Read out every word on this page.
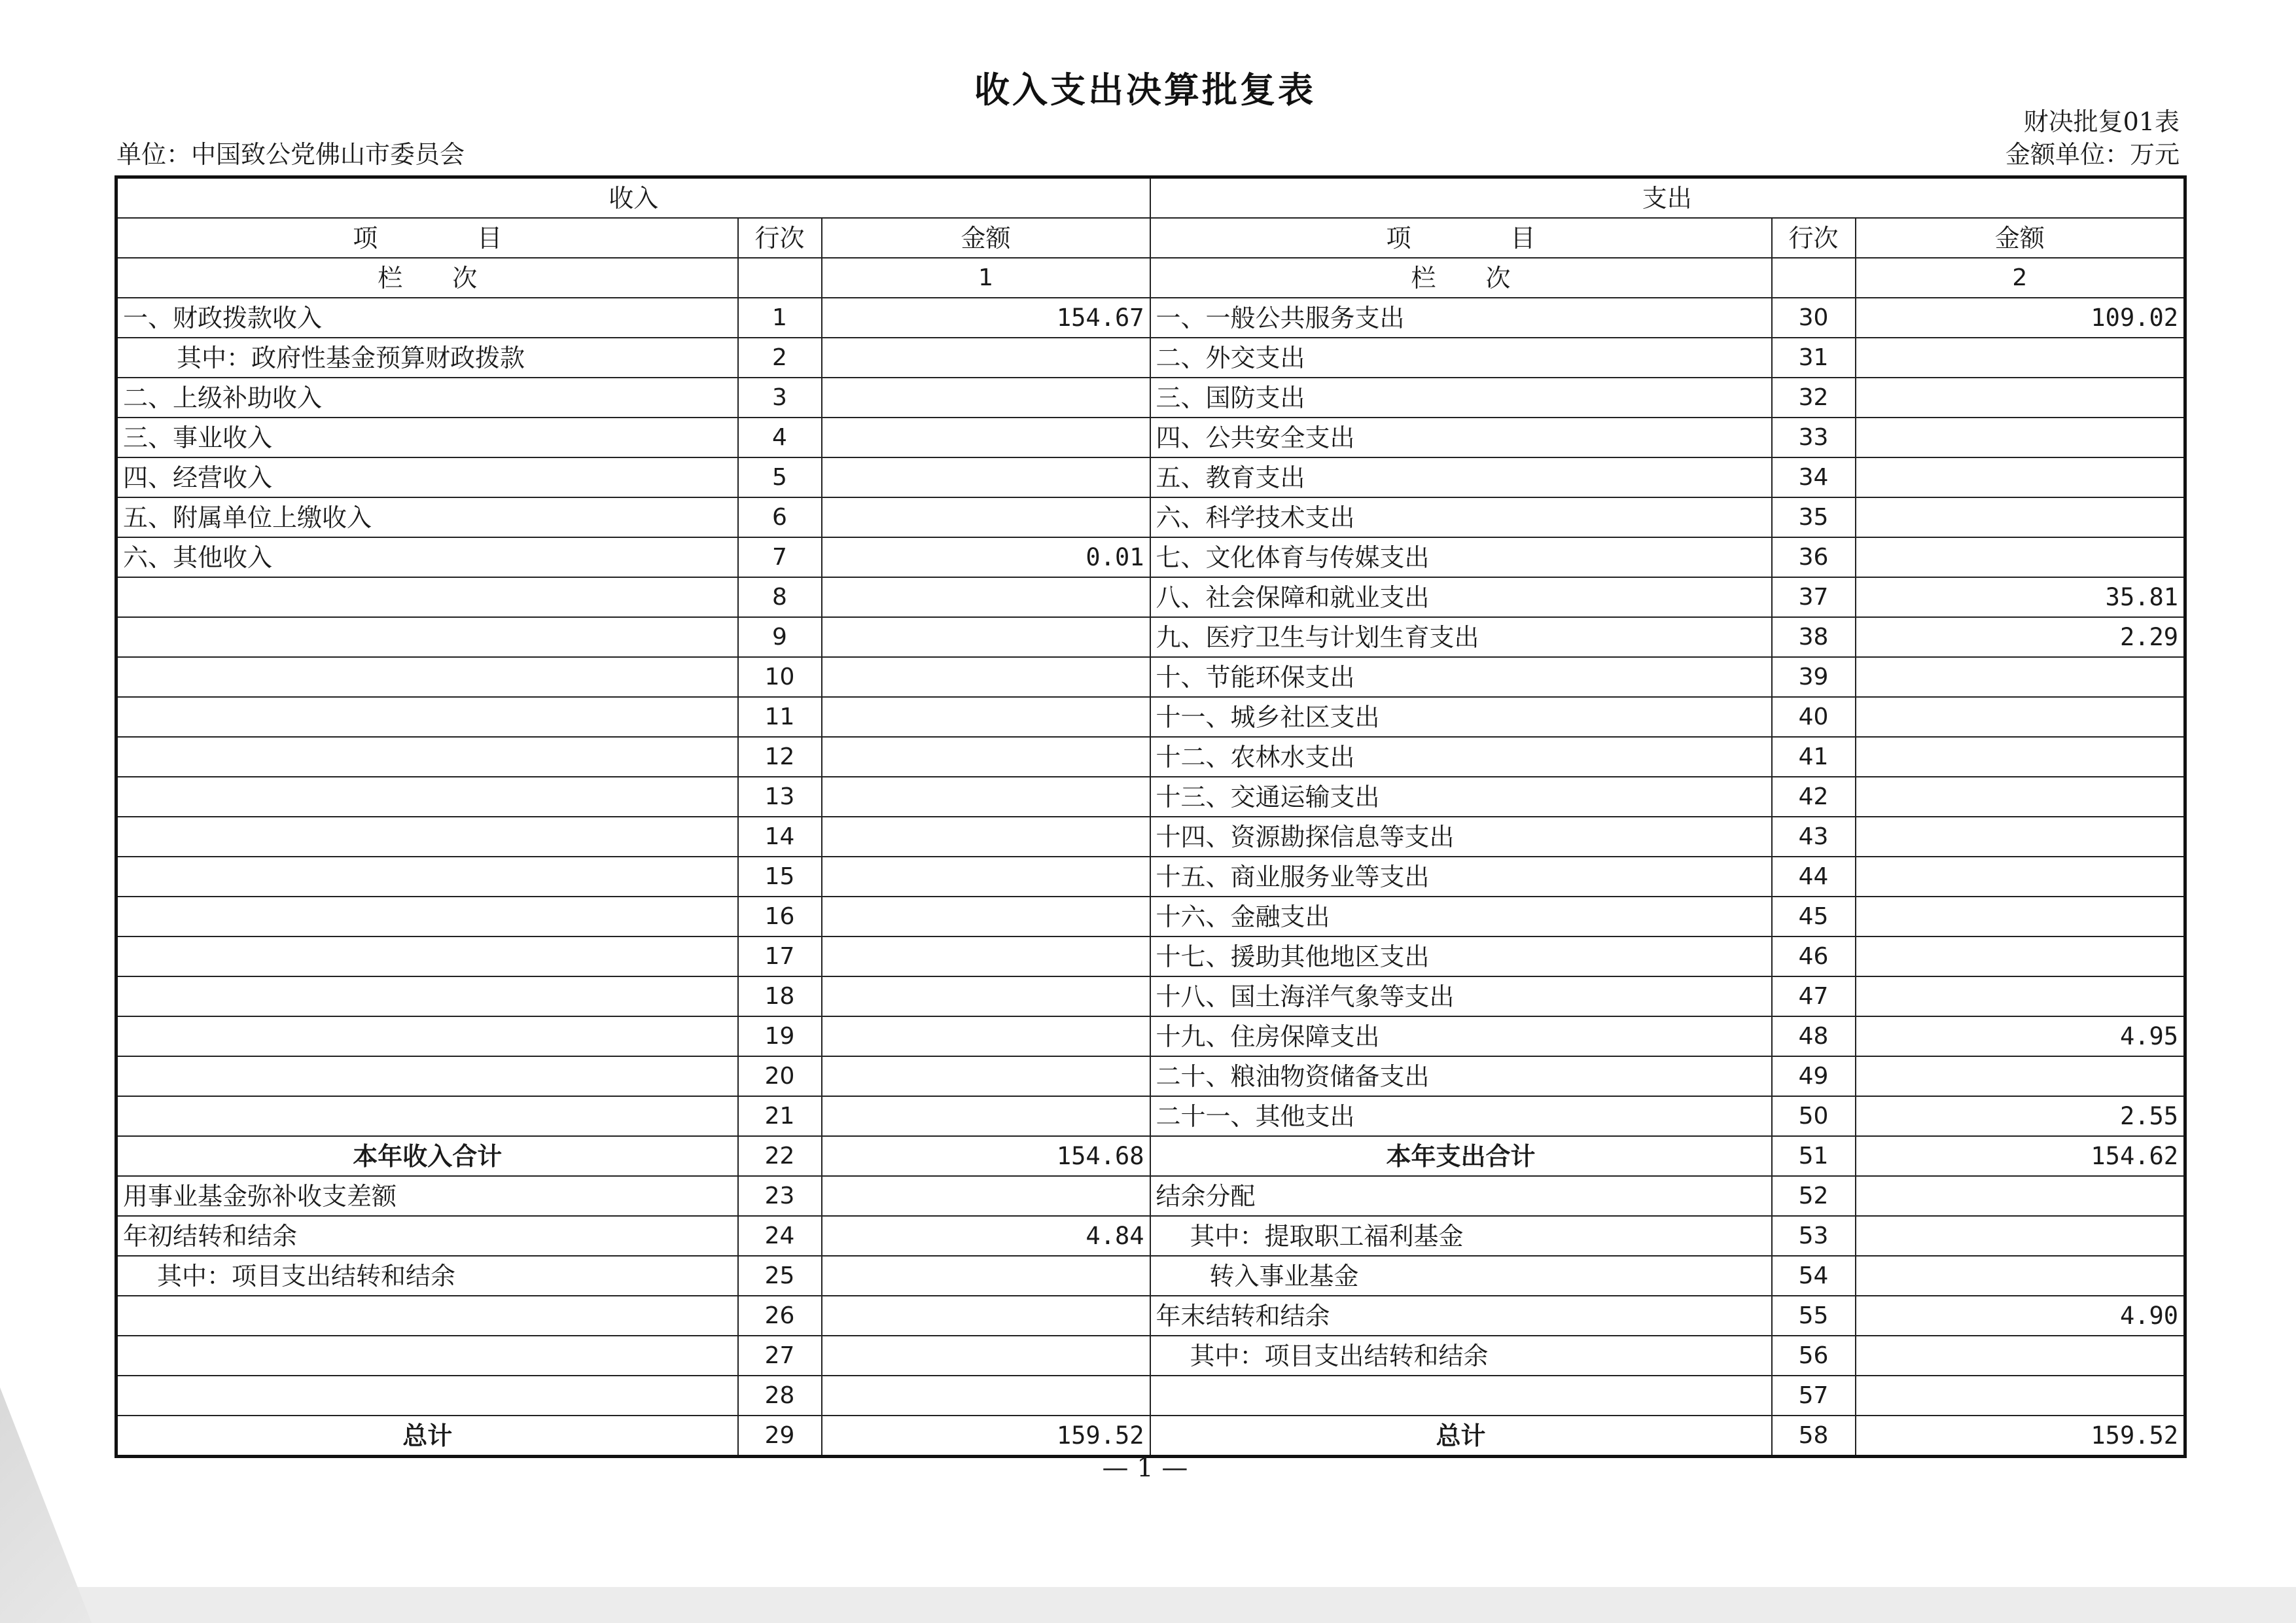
收入支出决算批复表
单位：中国致公党佛山市委员会
财决批复01表
金额单位：万元
收入			支出		
项　　　　目	行次	金额	项　　　　目	行次	金额
栏　　次		1	栏　　次		2
一、财政拨款收入	1	154.67	一、一般公共服务支出	30	109.02
其中：政府性基金预算财政拨款	2		二、外交支出	31	
二、上级补助收入	3		三、国防支出	32	
三、事业收入	4		四、公共安全支出	33	
四、经营收入	5		五、教育支出	34	
五、附属单位上缴收入	6		六、科学技术支出	35	
六、其他收入	7	0.01	七、文化体育与传媒支出	36	
	8		八、社会保障和就业支出	37	35.81
	9		九、医疗卫生与计划生育支出	38	2.29
	10		十、节能环保支出	39	
	11		十一、城乡社区支出	40	
	12		十二、农林水支出	41	
	13		十三、交通运输支出	42	
	14		十四、资源勘探信息等支出	43	
	15		十五、商业服务业等支出	44	
	16		十六、金融支出	45	
	17		十七、援助其他地区支出	46	
	18		十八、国土海洋气象等支出	47	
	19		十九、住房保障支出	48	4.95
	20		二十、粮油物资储备支出	49	
	21		二十一、其他支出	50	2.55
本年收入合计	22	154.68	本年支出合计	51	154.62
用事业基金弥补收支差额	23		结余分配	52	
年初结转和结余	24	4.84	其中：提取职工福利基金	53	
其中：项目支出结转和结余	25		转入事业基金	54	
	26		年末结转和结余	55	4.90
	27		其中：项目支出结转和结余	56	
	28			57	
总计	29	159.52	总计	58	159.52
— 1 —
